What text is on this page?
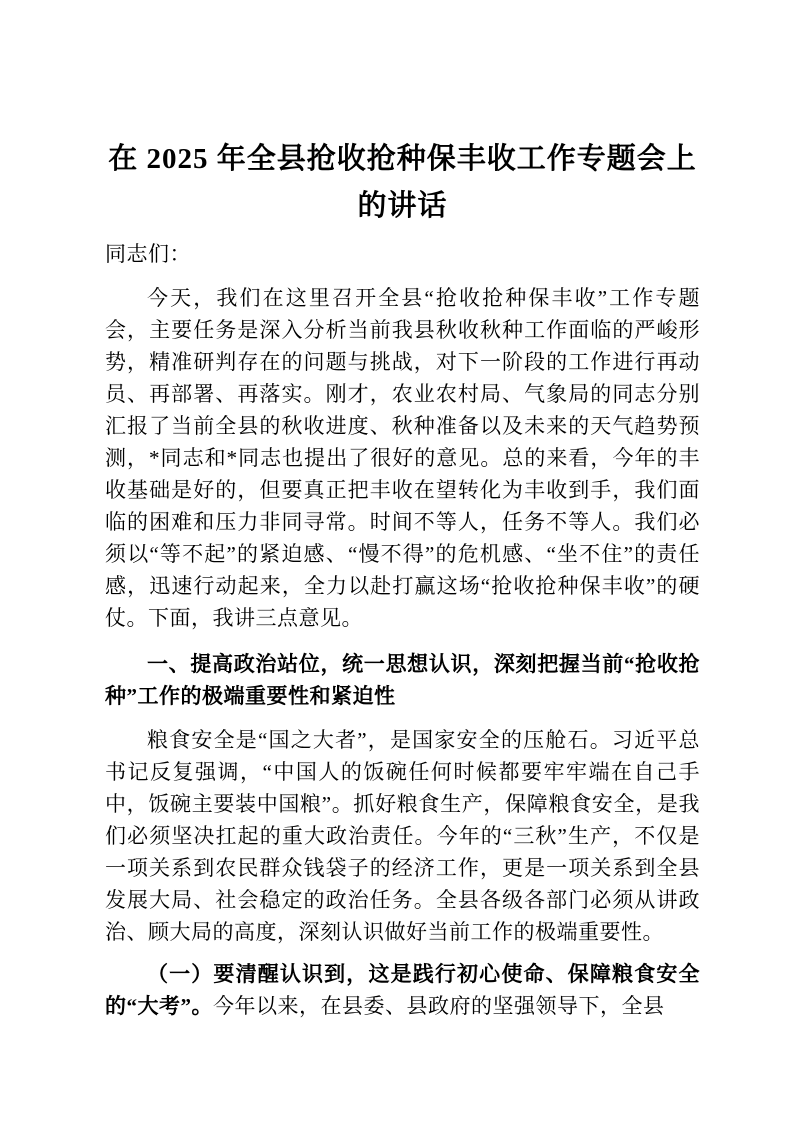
在 2025 年全县抢收抢种保丰收工作专题会上
的讲话

同志们：

今天，我们在这里召开全县“抢收抢种保丰收”工作专题会，主要任务是深入分析当前我县秋收秋种工作面临的严峻形势，精准研判存在的问题与挑战，对下一阶段的工作进行再动员、再部署、再落实。刚才，农业农村局、气象局的同志分别汇报了当前全县的秋收进度、秋种准备以及未来的天气趋势预测，*同志和*同志也提出了很好的意见。总的来看，今年的丰收基础是好的，但要真正把丰收在望转化为丰收到手，我们面临的困难和压力非同寻常。时间不等人，任务不等人。我们必须以“等不起”的紧迫感、“慢不得”的危机感、“坐不住”的责任感，迅速行动起来，全力以赴打赢这场“抢收抢种保丰收”的硬仗。下面，我讲三点意见。

一、提高政治站位，统一思想认识，深刻把握当前“抢收抢种”工作的极端重要性和紧迫性

粮食安全是“国之大者”，是国家安全的压舱石。习近平总书记反复强调，“中国人的饭碗任何时候都要牢牢端在自己手中，饭碗主要装中国粮”。抓好粮食生产，保障粮食安全，是我们必须坚决扛起的重大政治责任。今年的“三秋”生产，不仅是一项关系到农民群众钱袋子的经济工作，更是一项关系到全县发展大局、社会稳定的政治任务。全县各级各部门必须从讲政治、顾大局的高度，深刻认识做好当前工作的极端重要性。

（一）要清醒认识到，这是践行初心使命、保障粮食安全的“大考”。今年以来，在县委、县政府的坚强领导下，全县
